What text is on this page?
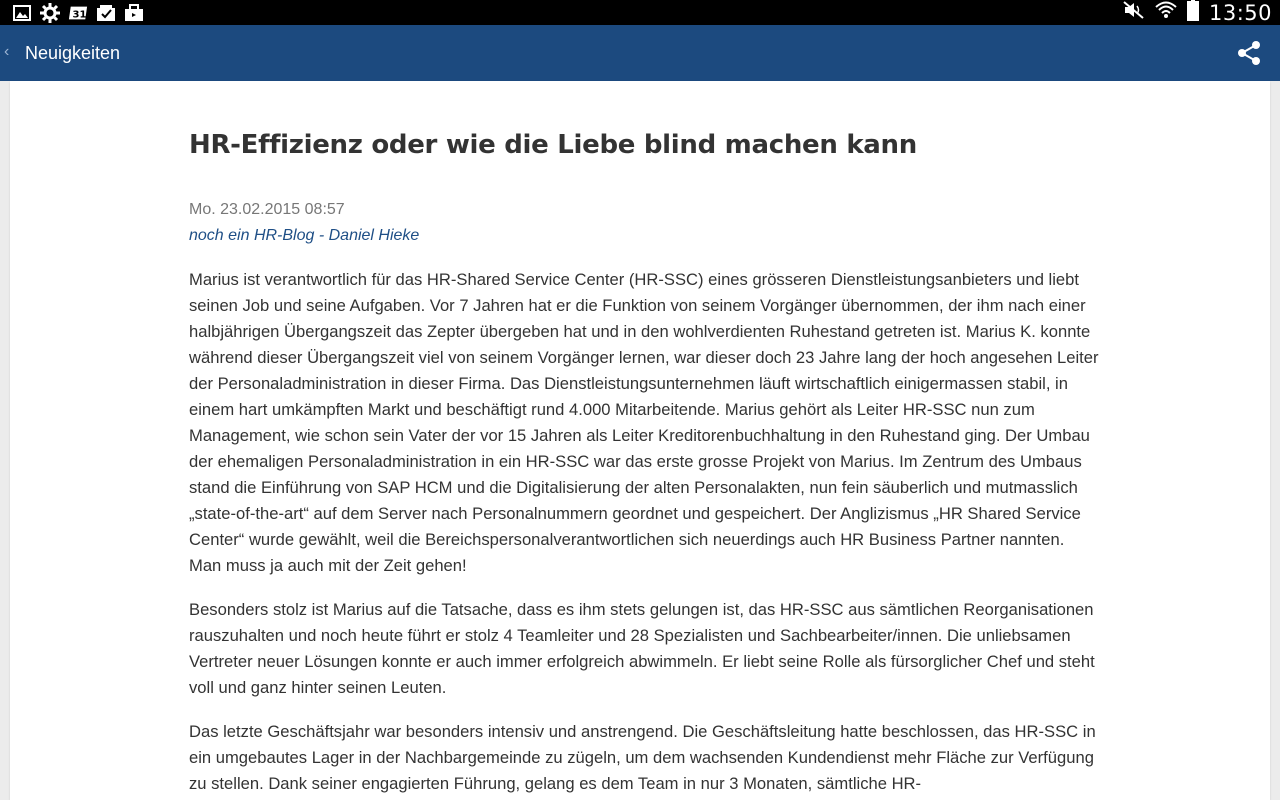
31	13:50
‹ Neuigkeiten
HR-Effizienz oder wie die Liebe blind machen kann
Mo. 23.02.2015 08:57
noch ein HR-Blog - Daniel Hieke

Marius ist verantwortlich für das HR-Shared Service Center (HR-SSC) eines grösseren Dienstleistungsanbieters und liebt seinen Job und seine Aufgaben. Vor 7 Jahren hat er die Funktion von seinem Vorgänger übernommen, der ihm nach einer halbjährigen Übergangszeit das Zepter übergeben hat und in den wohlverdienten Ruhestand getreten ist. Marius K. konnte während dieser Übergangszeit viel von seinem Vorgänger lernen, war dieser doch 23 Jahre lang der hoch angesehen Leiter der Personaladministration in dieser Firma. Das Dienstleistungsunternehmen läuft wirtschaftlich einigermassen stabil, in einem hart umkämpften Markt und beschäftigt rund 4.000 Mitarbeitende. Marius gehört als Leiter HR-SSC nun zum Management, wie schon sein Vater der vor 15 Jahren als Leiter Kreditorenbuchhaltung in den Ruhestand ging. Der Umbau der ehemaligen Personaladministration in ein HR-SSC war das erste grosse Projekt von Marius. Im Zentrum des Umbaus stand die Einführung von SAP HCM und die Digitalisierung der alten Personalakten, nun fein säuberlich und mutmasslich „state-of-the-art“ auf dem Server nach Personalnummern geordnet und gespeichert. Der Anglizismus „HR Shared Service Center“ wurde gewählt, weil die Bereichspersonalverantwortlichen sich neuerdings auch HR Business Partner nannten. Man muss ja auch mit der Zeit gehen!

Besonders stolz ist Marius auf die Tatsache, dass es ihm stets gelungen ist, das HR-SSC aus sämtlichen Reorganisationen rauszuhalten und noch heute führt er stolz 4 Teamleiter und 28 Spezialisten und Sachbearbeiter/innen. Die unliebsamen Vertreter neuer Lösungen konnte er auch immer erfolgreich abwimmeln. Er liebt seine Rolle als fürsorglicher Chef und steht voll und ganz hinter seinen Leuten.

Das letzte Geschäftsjahr war besonders intensiv und anstrengend. Die Geschäftsleitung hatte beschlossen, das HR-SSC in ein umgebautes Lager in der Nachbargemeinde zu zügeln, um dem wachsenden Kundendienst mehr Fläche zur Verfügung zu stellen. Dank seiner engagierten Führung, gelang es dem Team in nur 3 Monaten, sämtliche HR-
